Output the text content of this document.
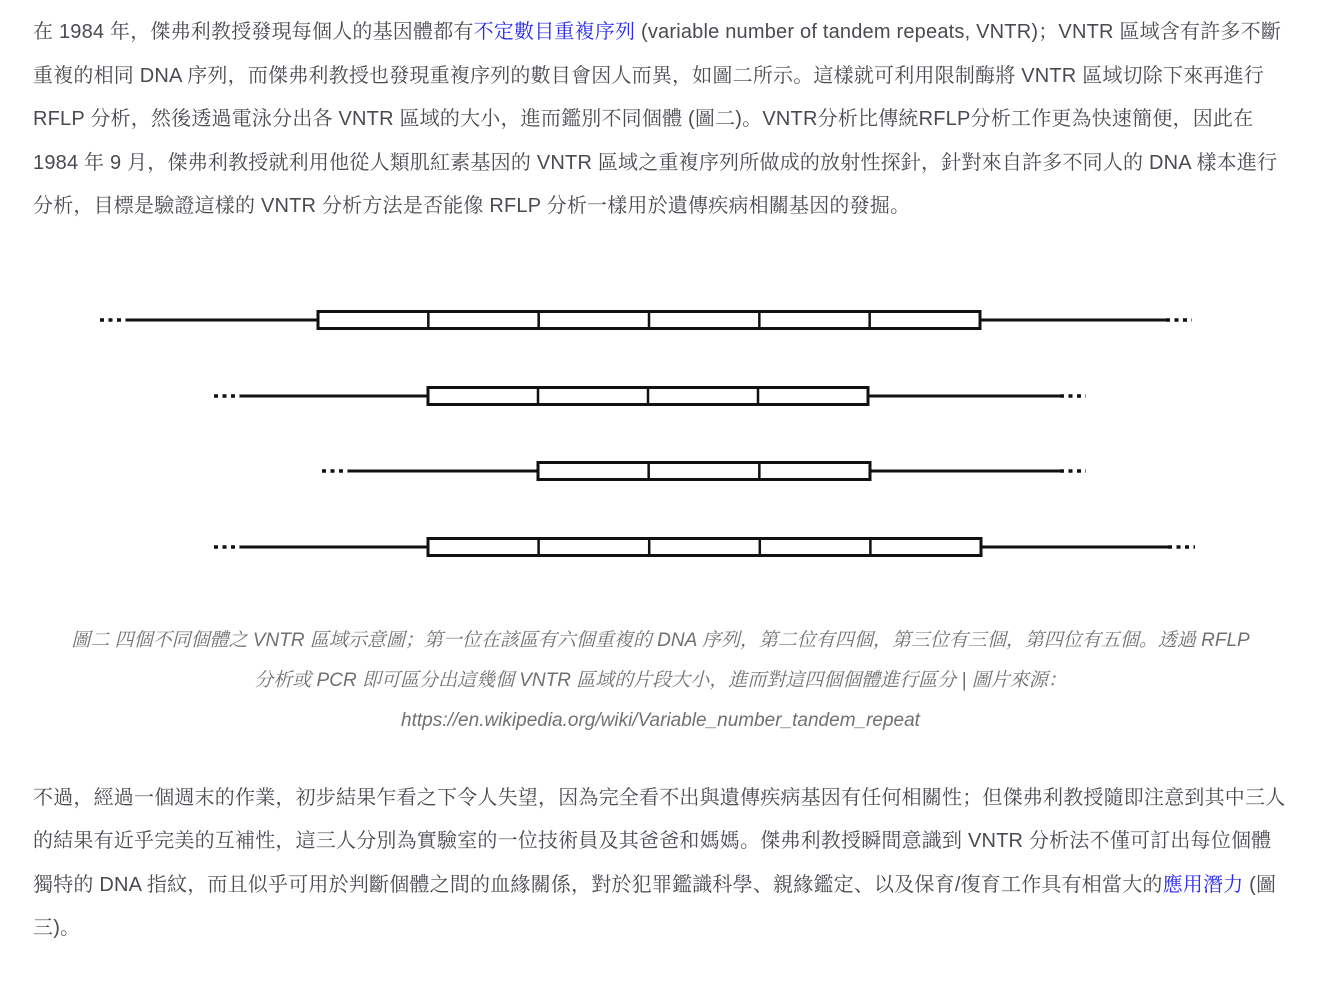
在 1984 年，傑弗利教授發現每個人的基因體都有不定數目重複序列 (variable number of tandem repeats, VNTR)；VNTR 區域含有許多不斷重複的相同 DNA 序列，而傑弗利教授也發現重複序列的數目會因人而異，如圖二所示。這樣就可利用限制酶將 VNTR 區域切除下來再進行 RFLP 分析，然後透過電泳分出各 VNTR 區域的大小，進而鑑別不同個體 (圖二)。VNTR分析比傳統RFLP分析工作更為快速簡便，因此在 1984 年 9 月，傑弗利教授就利用他從人類肌紅素基因的 VNTR 區域之重複序列所做成的放射性探針，針對來自許多不同人的 DNA 樣本進行分析，目標是驗證這樣的 VNTR 分析方法是否能像 RFLP 分析一樣用於遺傳疾病相關基因的發掘。

圖二 四個不同個體之 VNTR 區域示意圖；第一位在該區有六個重複的 DNA 序列，第二位有四個，第三位有三個，第四位有五個。透過 RFLP 分析或 PCR 即可區分出這幾個 VNTR 區域的片段大小，進而對這四個個體進行區分 | 圖片來源：
https://en.wikipedia.org/wiki/Variable_number_tandem_repeat

不過，經過一個週末的作業，初步結果乍看之下令人失望，因為完全看不出與遺傳疾病基因有任何相關性；但傑弗利教授隨即注意到其中三人的結果有近乎完美的互補性，這三人分別為實驗室的一位技術員及其爸爸和媽媽。傑弗利教授瞬間意識到 VNTR 分析法不僅可訂出每位個體獨特的 DNA 指紋，而且似乎可用於判斷個體之間的血緣關係，對於犯罪鑑識科學、親緣鑑定、以及保育/復育工作具有相當大的應用潛力 (圖三)。
